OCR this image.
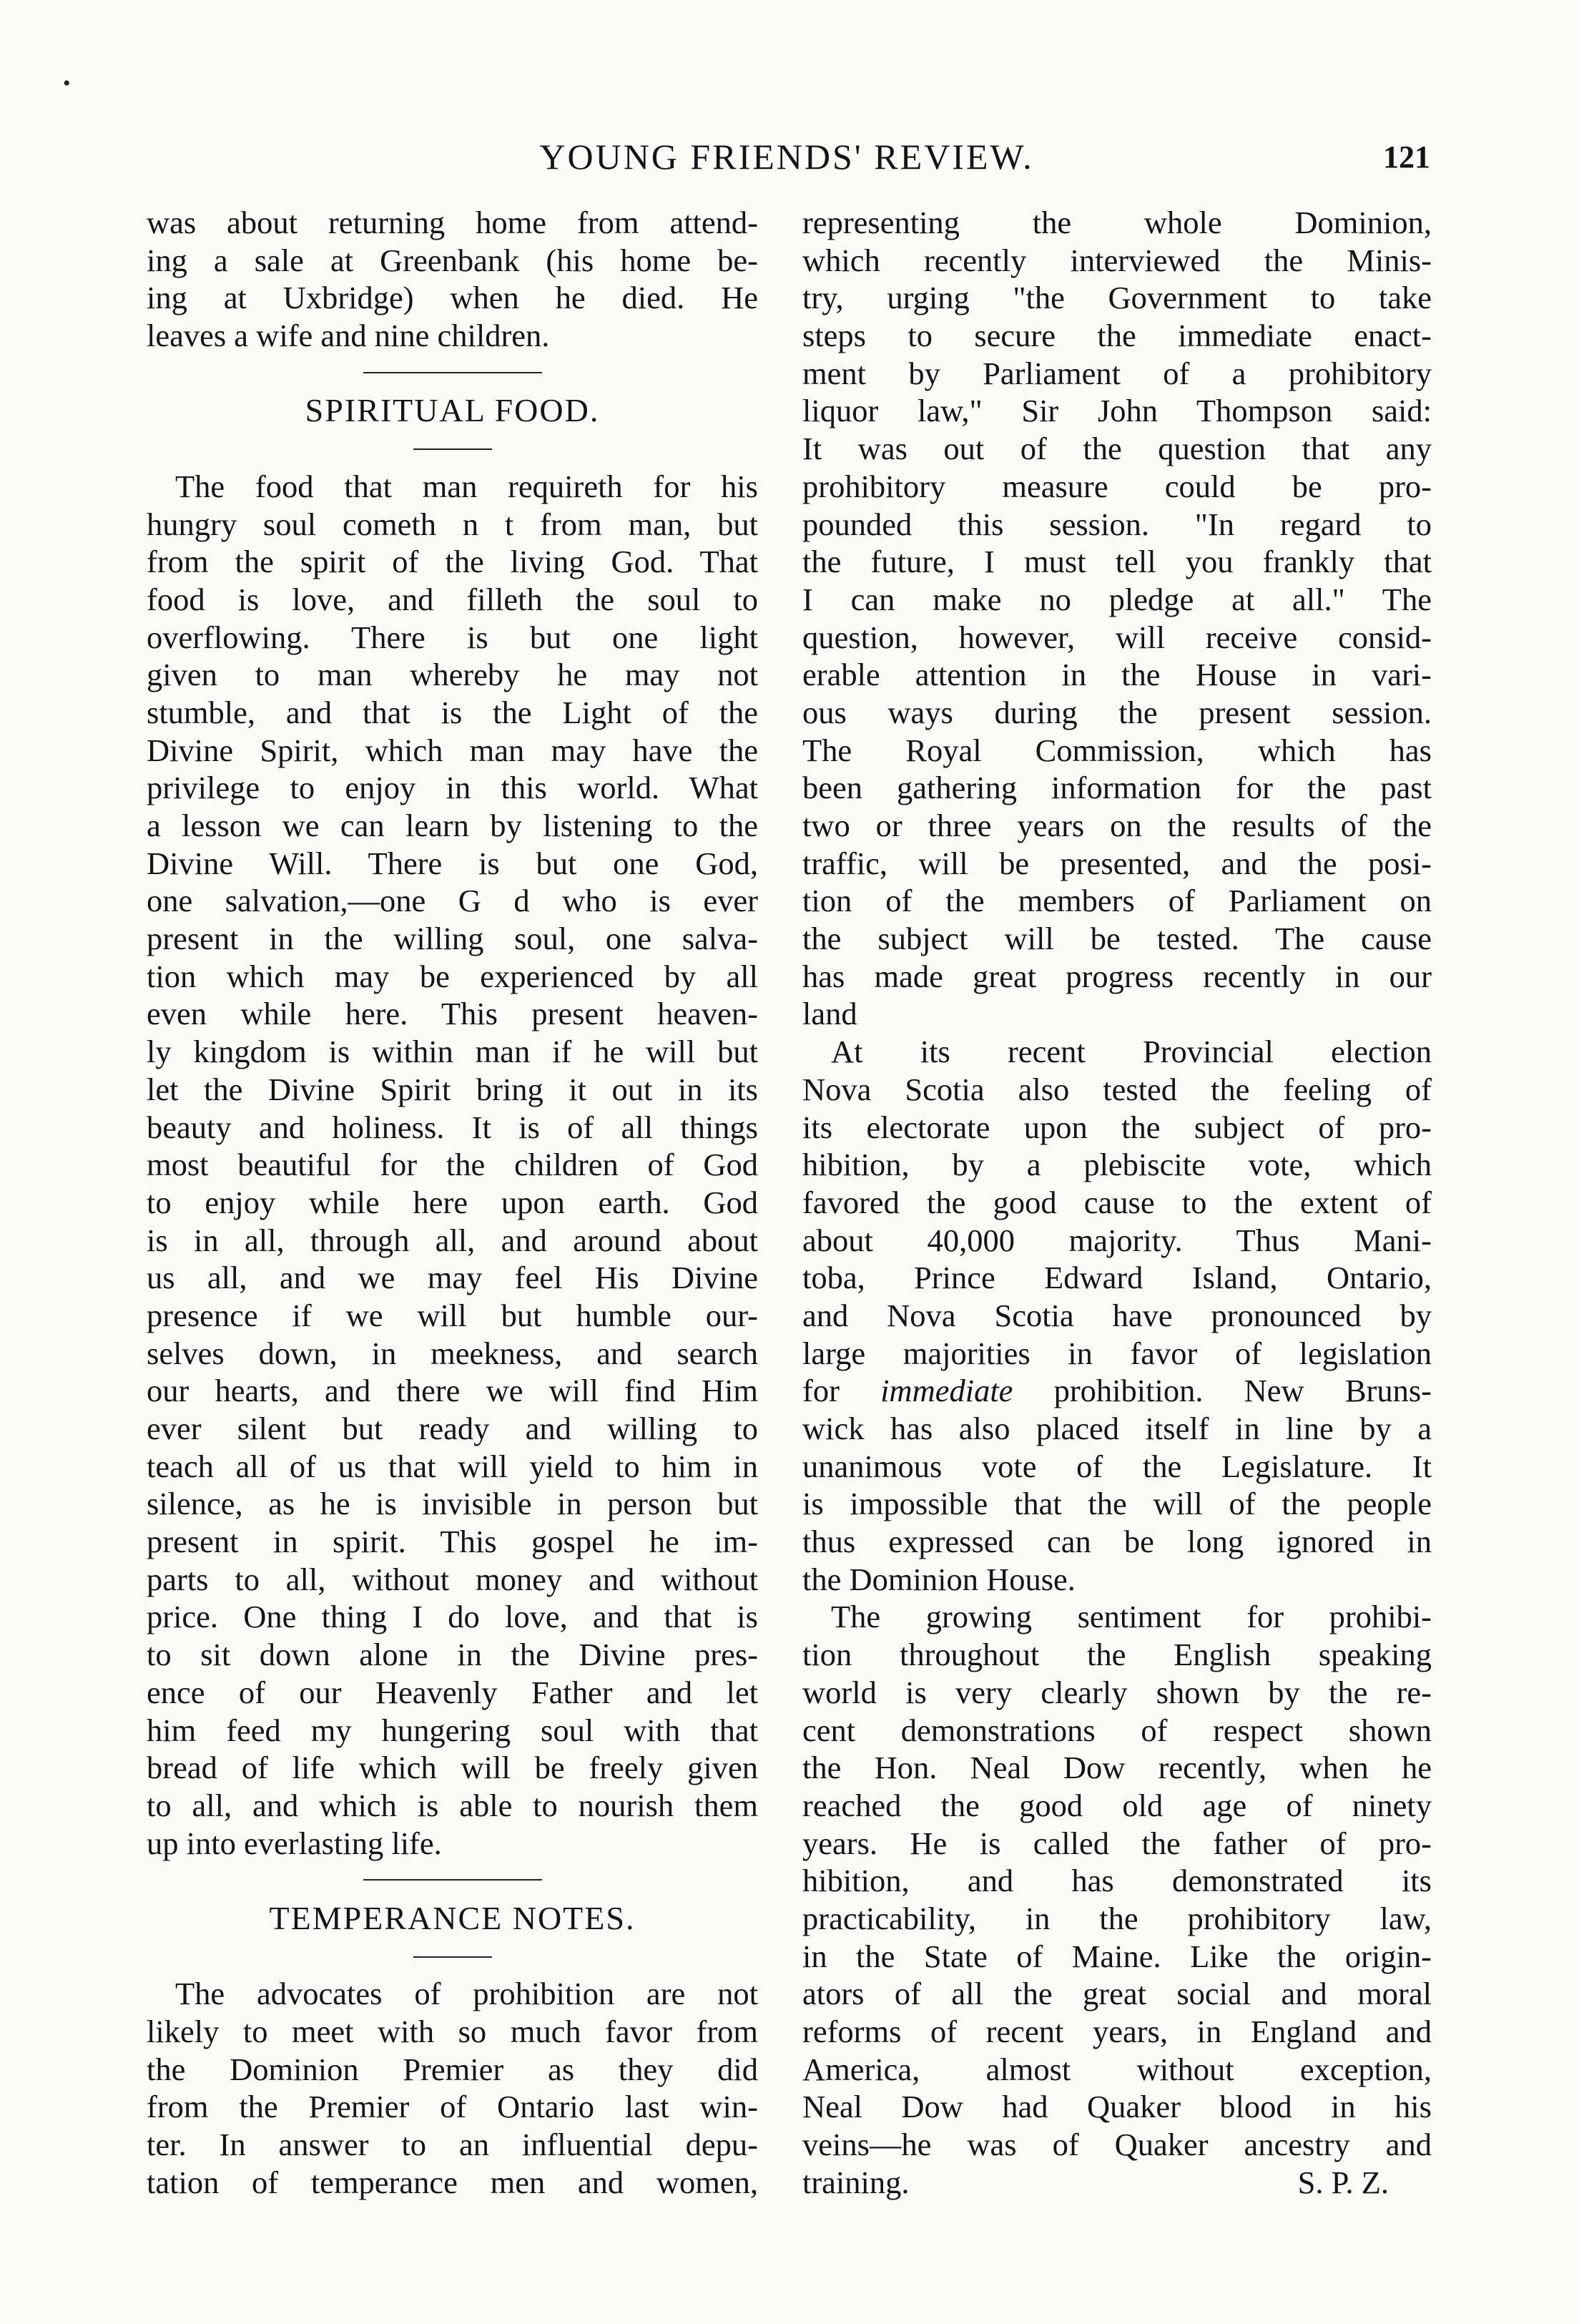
•
YOUNG FRIENDS' REVIEW.	121
was about returning home from attend-
ing a sale at Greenbank (his home be-
ing at Uxbridge) when he died. He
leaves a wife and nine children.
SPIRITUAL FOOD.
The food that man requireth for his
hungry soul cometh n t from man, but
from the spirit of the living God. That
food is love, and filleth the soul to
overflowing. There is but one light
given to man whereby he may not
stumble, and that is the Light of the
Divine Spirit, which man may have the
privilege to enjoy in this world. What
a lesson we can learn by listening to the
Divine Will. There is but one God,
one salvation,—one G d who is ever
present in the willing soul, one salva-
tion which may be experienced by all
even while here. This present heaven-
ly kingdom is within man if he will but
let the Divine Spirit bring it out in its
beauty and holiness. It is of all things
most beautiful for the children of God
to enjoy while here upon earth. God
is in all, through all, and around about
us all, and we may feel His Divine
presence if we will but humble our-
selves down, in meekness, and search
our hearts, and there we will find Him
ever silent but ready and willing to
teach all of us that will yield to him in
silence, as he is invisible in person but
present in spirit. This gospel he im-
parts to all, without money and without
price. One thing I do love, and that is
to sit down alone in the Divine pres-
ence of our Heavenly Father and let
him feed my hungering soul with that
bread of life which will be freely given
to all, and which is able to nourish them
up into everlasting life.
TEMPERANCE NOTES.
The advocates of prohibition are not
likely to meet with so much favor from
the Dominion Premier as they did
from the Premier of Ontario last win-
ter. In answer to an influential depu-
tation of temperance men and women,
representing the whole Dominion,
which recently interviewed the Minis-
try, urging "the Government to take
steps to secure the immediate enact-
ment by Parliament of a prohibitory
liquor law," Sir John Thompson said:
It was out of the question that any
prohibitory measure could be pro-
pounded this session. "In regard to
the future, I must tell you frankly that
I can make no pledge at all." The
question, however, will receive consid-
erable attention in the House in vari-
ous ways during the present session.
The Royal Commission, which has
been gathering information for the past
two or three years on the results of the
traffic, will be presented, and the posi-
tion of the members of Parliament on
the subject will be tested. The cause
has made great progress recently in our
land
At its recent Provincial election
Nova Scotia also tested the feeling of
its electorate upon the subject of pro-
hibition, by a plebiscite vote, which
favored the good cause to the extent of
about 40,000 majority. Thus Mani-
toba, Prince Edward Island, Ontario,
and Nova Scotia have pronounced by
large majorities in favor of legislation
for immediate prohibition. New Bruns-
wick has also placed itself in line by a
unanimous vote of the Legislature. It
is impossible that the will of the people
thus expressed can be long ignored in
the Dominion House.
The growing sentiment for prohibi-
tion throughout the English speaking
world is very clearly shown by the re-
cent demonstrations of respect shown
the Hon. Neal Dow recently, when he
reached the good old age of ninety
years. He is called the father of pro-
hibition, and has demonstrated its
practicability, in the prohibitory law,
in the State of Maine. Like the origin-
ators of all the great social and moral
reforms of recent years, in England and
America, almost without exception,
Neal Dow had Quaker blood in his
veins—he was of Quaker ancestry and
training.	S. P. Z.
